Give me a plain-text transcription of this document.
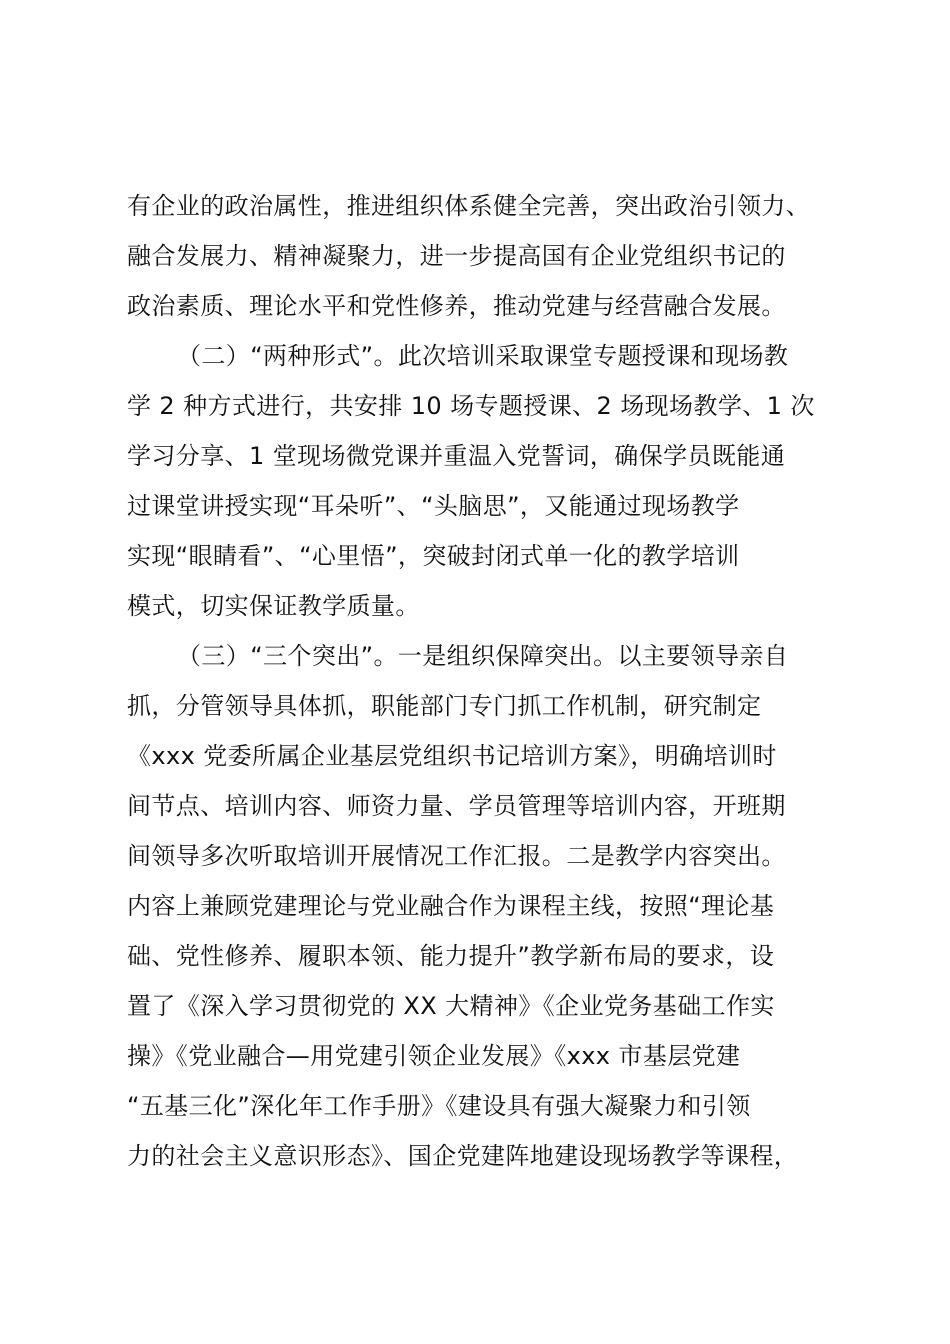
有企业的政治属性，推进组织体系健全完善，突出政治引领力、
融合发展力、精神凝聚力，进一步提高国有企业党组织书记的
政治素质、理论水平和党性修养，推动党建与经营融合发展。
（二）“两种形式”。此次培训采取课堂专题授课和现场教
学 2 种方式进行，共安排 10 场专题授课、2 场现场教学、1 次
学习分享、1 堂现场微党课并重温入党誓词，确保学员既能通
过课堂讲授实现“耳朵听”、“头脑思”，又能通过现场教学
实现“眼睛看”、“心里悟”，突破封闭式单一化的教学培训
模式，切实保证教学质量。
（三）“三个突出”。一是组织保障突出。以主要领导亲自
抓，分管领导具体抓，职能部门专门抓工作机制，研究制定
《xxx 党委所属企业基层党组织书记培训方案》，明确培训时
间节点、培训内容、师资力量、学员管理等培训内容，开班期
间领导多次听取培训开展情况工作汇报。二是教学内容突出。
内容上兼顾党建理论与党业融合作为课程主线，按照“理论基
础、党性修养、履职本领、能力提升”教学新布局的要求，设
置了《深入学习贯彻党的 XX 大精神》《企业党务基础工作实
操》《党业融合—用党建引领企业发展》《xxx 市基层党建
“五基三化”深化年工作手册》《建设具有强大凝聚力和引领
力的社会主义意识形态》、国企党建阵地建设现场教学等课程，
